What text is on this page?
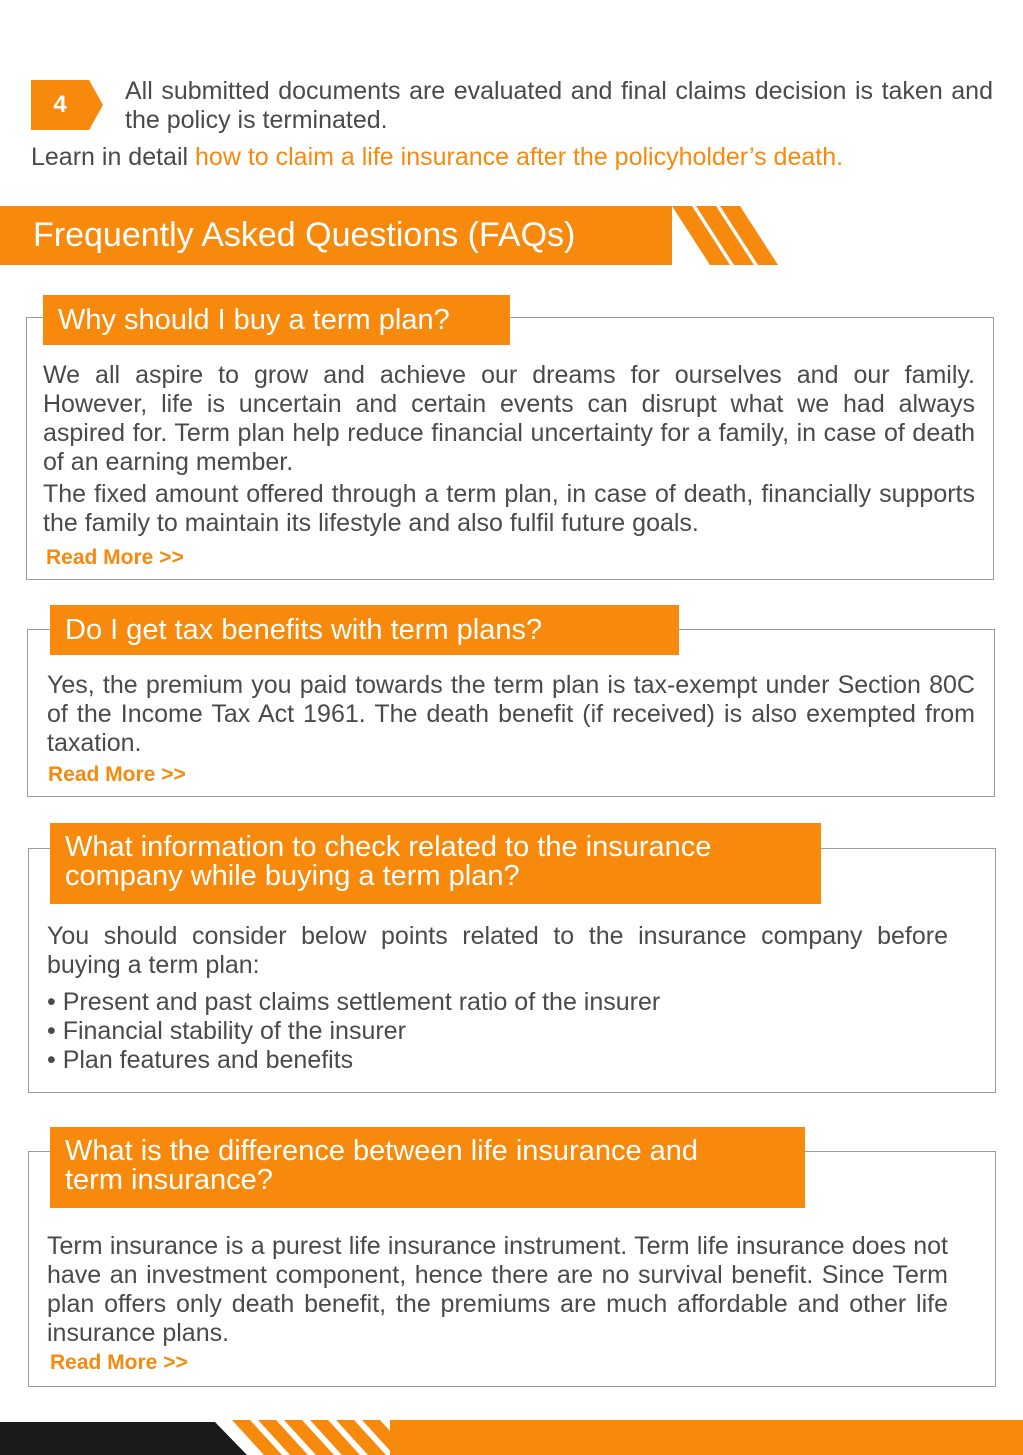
4	All submitted documents are evaluated and final claims decision is taken and the policy is terminated.
Learn in detail how to claim a life insurance after the policyholder’s death.
Frequently Asked Questions (FAQs)
Why should I buy a term plan?

We all aspire to grow and achieve our dreams for ourselves and our family. However, life is uncertain and certain events can disrupt what we had always aspired for. Term plan help reduce financial uncertainty for a family, in case of death of an earning member.

The fixed amount offered through a term plan, in case of death, financially supports the family to maintain its lifestyle and also fulfil future goals.

Read More >>
Do I get tax benefits with term plans?

Yes, the premium you paid towards the term plan is tax-exempt under Section 80C of the Income Tax Act 1961. The death benefit (if received) is also exempted from taxation.

Read More >>
What information to check related to the insurance
company while buying a term plan?

You should consider below points related to the insurance company before buying a term plan:

• Present and past claims settlement ratio of the insurer
• Financial stability of the insurer
• Plan features and benefits
What is the difference between life insurance and
term insurance?

Term insurance is a purest life insurance instrument. Term life insurance does not have an investment component, hence there are no survival benefit. Since Term plan offers only death benefit, the premiums are much affordable and other life insurance plans.

Read More >>
